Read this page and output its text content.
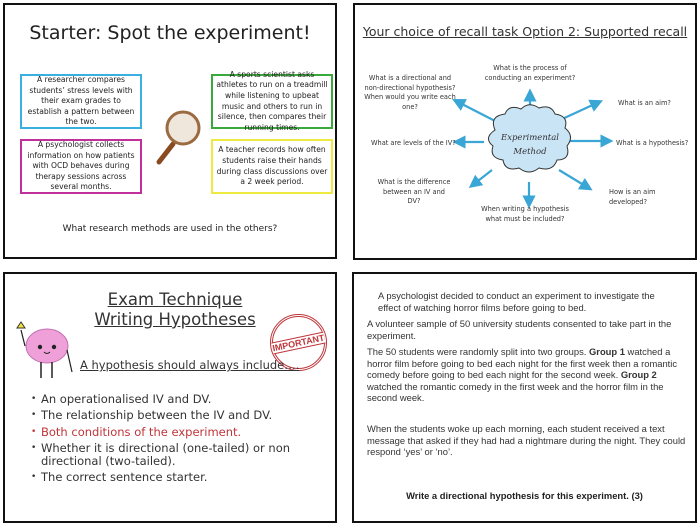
Starter: Spot the experiment!
A researcher compares students’ stress levels with their exam grades to establish a pattern between the two.
A psychologist collects information on how patients with OCD behaves during therapy sessions across several months.
A sports scientist asks athletes to run on a treadmill while listening to upbeat music and others to run in silence, then compares their running times.
A teacher records how often students raise their hands during class discussions over a 2 week period.
What research methods are used in the others?
Your choice of recall task Option 2: Supported recall
Experimental
Method
What is the process of conducting an experiment?
What is a directional and non-directional hypothesis? When would you write each one?	What is an aim?
What are levels of the IV?	What is a hypothesis?
What is the difference between an IV and DV?
How is an aim developed?
When writing a hypothesis what must be included?
Exam Technique
Writing Hypotheses
IMPORTANT
A hypothesis should always include….
• An operationalised IV and DV.
• The relationship between the IV and DV.
• Both conditions of the experiment.
• Whether it is directional (one-tailed) or non directional (two-tailed).
• The correct sentence starter.
A psychologist decided to conduct an experiment to investigate the effect of watching horror films before going to bed.
A volunteer sample of 50 university students consented to take part in the experiment.
The 50 students were randomly split into two groups. Group 1 watched a horror film before going to bed each night for the first week then a romantic comedy before going to bed each night for the second week. Group 2 watched the romantic comedy in the first week and the horror film in the second week.
When the students woke up each morning, each student received a text message that asked if they had had a nightmare during the night. They could respond ‘yes’ or ‘no’.
Write a directional hypothesis for this experiment. (3)
